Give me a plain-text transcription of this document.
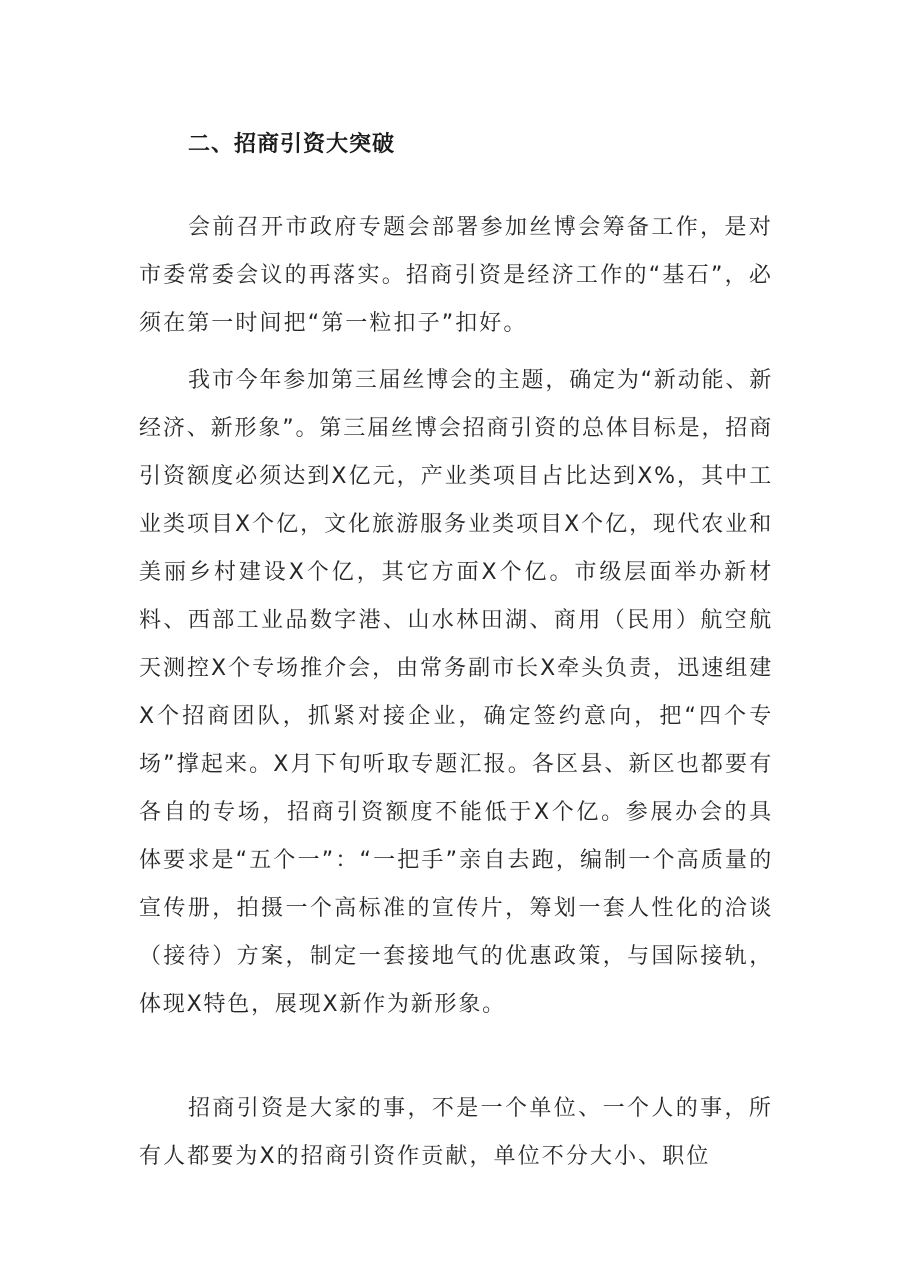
二、招商引资大突破

会前召开市政府专题会部署参加丝博会筹备工作，是对市委常委会议的再落实。招商引资是经济工作的“基石”，必须在第一时间把“第一粒扣子”扣好。

我市今年参加第三届丝博会的主题，确定为“新动能、新经济、新形象”。第三届丝博会招商引资的总体目标是，招商引资额度必须达到X亿元，产业类项目占比达到X%，其中工业类项目X个亿，文化旅游服务业类项目X个亿，现代农业和美丽乡村建设X个亿，其它方面X个亿。市级层面举办新材料、西部工业品数字港、山水林田湖、商用（民用）航空航天测控X个专场推介会，由常务副市长X牵头负责，迅速组建X个招商团队，抓紧对接企业，确定签约意向，把“四个专场”撑起来。X月下旬听取专题汇报。各区县、新区也都要有各自的专场，招商引资额度不能低于X个亿。参展办会的具体要求是“五个一”：“一把手”亲自去跑，编制一个高质量的宣传册，拍摄一个高标准的宣传片，筹划一套人性化的洽谈（接待）方案，制定一套接地气的优惠政策，与国际接轨，体现X特色，展现X新作为新形象。

招商引资是大家的事，不是一个单位、一个人的事，所有人都要为X的招商引资作贡献，单位不分大小、职位
